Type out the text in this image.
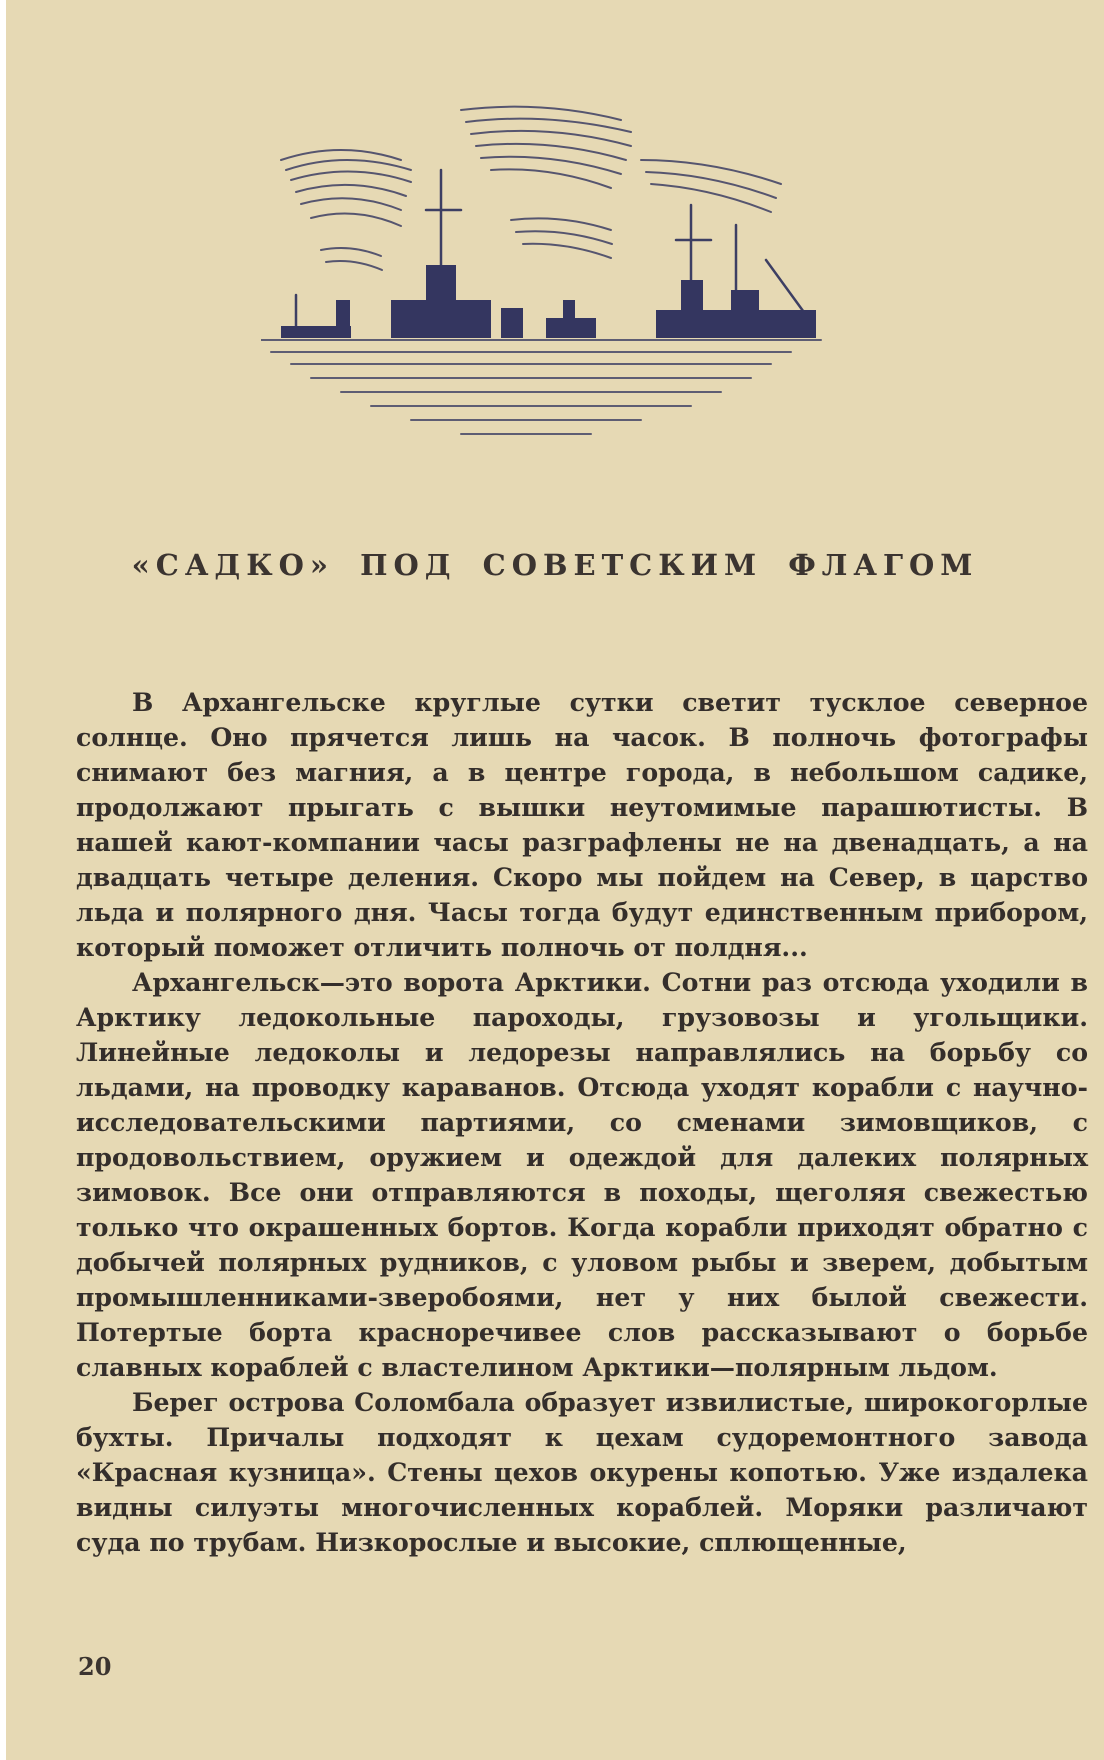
«САДКО» ПОД СОВЕТСКИМ ФЛАГОМ

В Архангельске круглые сутки светит тусклое северное солнце. Оно прячется лишь на часок. В полночь фотографы снимают без магния, а в центре города, в небольшом садике, продолжают прыгать с вышки неутомимые парашютисты. В нашей кают-компании часы разграфлены не на двенадцать, а на двадцать четыре деления. Скоро мы пойдем на Север, в царство льда и полярного дня. Часы тогда будут единственным прибором, который поможет отличить полночь от полдня...

Архангельск—это ворота Арктики. Сотни раз отсюда уходили в Арктику ледокольные пароходы, грузовозы и угольщики. Линейные ледоколы и ледорезы направлялись на борьбу со льдами, на проводку караванов. Отсюда уходят корабли с научно-исследовательскими партиями, со сменами зимовщиков, с продовольствием, оружием и одеждой для далеких полярных зимовок. Все они отправляются в походы, щеголяя свежестью только что окрашенных бортов. Когда корабли приходят обратно с добычей полярных рудников, с уловом рыбы и зверем, добытым промышленниками-зверобоями, нет у них былой свежести. Потертые борта красноречивее слов рассказывают о борьбе славных кораблей с властелином Арктики—полярным льдом.

Берег острова Соломбала образует извилистые, широкогорлые бухты. Причалы подходят к цехам судоремонтного завода «Красная кузница». Стены цехов окурены копотью. Уже издалека видны силуэты многочисленных кораблей. Моряки различают суда по трубам. Низкорослые и высокие, сплющенные,

20
